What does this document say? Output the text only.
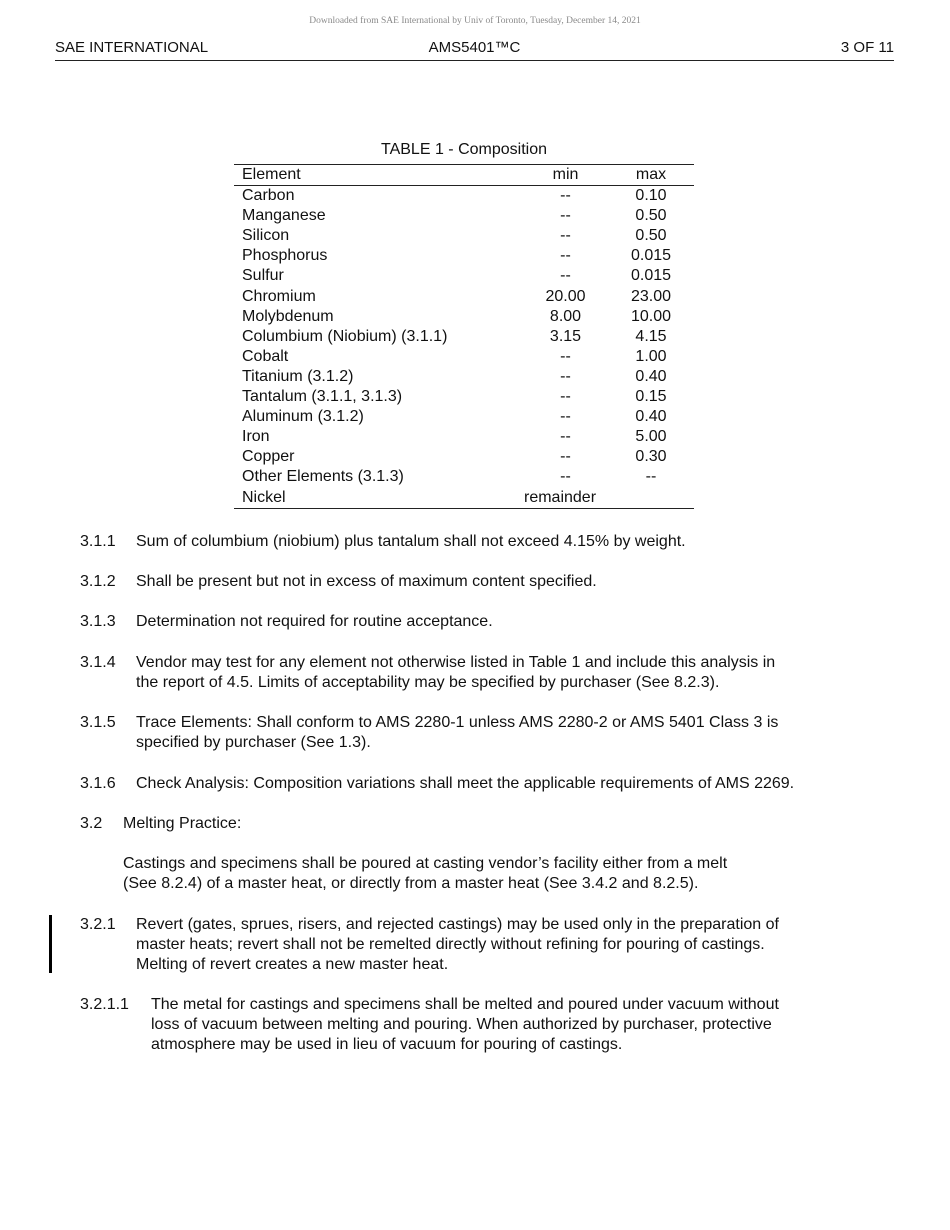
Downloaded from SAE International by Univ of Toronto, Tuesday, December 14, 2021
SAE INTERNATIONAL	AMS5401™C	3 OF 11
TABLE 1 - Composition
Element	min	max
Carbon	--	0.10
Manganese	--	0.50
Silicon	--	0.50
Phosphorus	--	0.015
Sulfur	--	0.015
Chromium	20.00	23.00
Molybdenum	8.00	10.00
Columbium (Niobium) (3.1.1)	3.15	4.15
Cobalt	--	1.00
Titanium (3.1.2)	--	0.40
Tantalum (3.1.1, 3.1.3)	--	0.15
Aluminum (3.1.2)	--	0.40
Iron	--	5.00
Copper	--	0.30
Other Elements (3.1.3)	--	--
Nickel	remainder	
3.1.1 Sum of columbium (niobium) plus tantalum shall not exceed 4.15% by weight.
3.1.2 Shall be present but not in excess of maximum content specified.
3.1.3 Determination not required for routine acceptance.
3.1.4 Vendor may test for any element not otherwise listed in Table 1 and include this analysis in
the report of 4.5. Limits of acceptability may be specified by purchaser (See 8.2.3).
3.1.5 Trace Elements: Shall conform to AMS 2280-1 unless AMS 2280-2 or AMS 5401 Class 3 is
specified by purchaser (See 1.3).
3.1.6 Check Analysis: Composition variations shall meet the applicable requirements of AMS 2269.
3.2 Melting Practice:
Castings and specimens shall be poured at casting vendor’s facility either from a melt
(See 8.2.4) of a master heat, or directly from a master heat (See 3.4.2 and 8.2.5).
3.2.1 Revert (gates, sprues, risers, and rejected castings) may be used only in the preparation of
master heats; revert shall not be remelted directly without refining for pouring of castings.
Melting of revert creates a new master heat.
3.2.1.1 The metal for castings and specimens shall be melted and poured under vacuum without
loss of vacuum between melting and pouring. When authorized by purchaser, protective
atmosphere may be used in lieu of vacuum for pouring of castings.
